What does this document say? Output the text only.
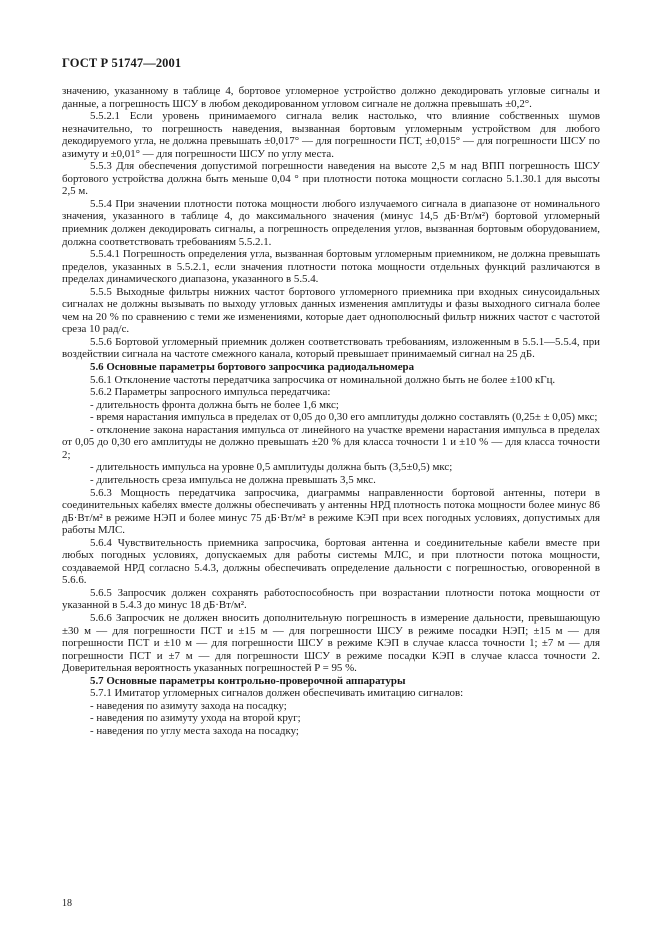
ГОСТ Р 51747—2001

значению, указанному в таблице 4, бортовое угломерное устройство должно декодировать угловые сигналы и данные, а погрешность ШСУ в любом декодированном угловом сигнале не должна превышать ±0,2°.

5.5.2.1 Если уровень принимаемого сигнала велик настолько, что влияние собственных шумов незначительно, то погрешность наведения, вызванная бортовым угломерным устройством для любого декодируемого угла, не должна превышать ±0,017° — для погрешности ПСТ, ±0,015° — для погрешности ШСУ по азимуту и ±0,01° — для погрешности ШСУ по углу места.

5.5.3 Для обеспечения допустимой погрешности наведения на высоте 2,5 м над ВПП погрешность ШСУ бортового устройства должна быть меньше 0,04 ° при плотности потока мощности согласно 5.1.30.1 для высоты 2,5 м.

5.5.4 При значении плотности потока мощности любого излучаемого сигнала в диапазоне от номинального значения, указанного в таблице 4, до максимального значения (минус 14,5 дБ·Вт/м²) бортовой угломерный приемник должен декодировать сигналы, а погрешность определения углов, вызванная бортовым оборудованием, должна соответствовать требованиям 5.5.2.1.

5.5.4.1 Погрешность определения угла, вызванная бортовым угломерным приемником, не должна превышать пределов, указанных в 5.5.2.1, если значения плотности потока мощности отдельных функций различаются в пределах динамического диапазона, указанного в 5.5.4.

5.5.5 Выходные фильтры нижних частот бортового угломерного приемника при входных синусоидальных сигналах не должны вызывать по выходу угловых данных изменения амплитуды и фазы выходного сигнала более чем на 20 % по сравнению с теми же изменениями, которые дает однополюсный фильтр нижних частот с частотой среза 10 рад/с.

5.5.6 Бортовой угломерный приемник должен соответствовать требованиям, изложенным в 5.5.1—5.5.4, при воздействии сигнала на частоте смежного канала, который превышает принимаемый сигнал на 25 дБ.

5.6 Основные параметры бортового запросчика радиодальномера

5.6.1 Отклонение частоты передатчика запросчика от номинальной должно быть не более ±100 кГц.

5.6.2 Параметры запросного импульса передатчика:

- длительность фронта должна быть не более 1,6 мкс;

- время нарастания импульса в пределах от 0,05 до 0,30 его амплитуды должно составлять (0,25± ± 0,05) мкс;

- отклонение закона нарастания импульса от линейного на участке времени нарастания импульса в пределах от 0,05 до 0,30 его амплитуды не должно превышать ±20 % для класса точности 1 и ±10 % — для класса точности 2;

- длительность импульса на уровне 0,5 амплитуды должна быть (3,5±0,5) мкс;

- длительность среза импульса не должна превышать 3,5 мкс.

5.6.3 Мощность передатчика запросчика, диаграммы направленности бортовой антенны, потери в соединительных кабелях вместе должны обеспечивать у антенны НРД плотность потока мощности более минус 86 дБ·Вт/м² в режиме НЭП и более минус 75 дБ·Вт/м² в режиме КЭП при всех погодных условиях, допустимых для работы МЛС.

5.6.4 Чувствительность приемника запросчика, бортовая антенна и соединительные кабели вместе при любых погодных условиях, допускаемых для работы системы МЛС, и при плотности потока мощности, создаваемой НРД согласно 5.4.3, должны обеспечивать определение дальности с погрешностью, оговоренной в 5.6.6.

5.6.5 Запросчик должен сохранять работоспособность при возрастании плотности потока мощности от указанной в 5.4.3 до минус 18 дБ·Вт/м².

5.6.6 Запросчик не должен вносить дополнительную погрешность в измерение дальности, превышающую ±30 м — для погрешности ПСТ и ±15 м — для погрешности ШСУ в режиме посадки НЭП; ±15 м — для погрешности ПСТ и ±10 м — для погрешности ШСУ в режиме КЭП в случае класса точности 1; ±7 м — для погрешности ПСТ и ±7 м — для погрешности ШСУ в режиме посадки КЭП в случае класса точности 2. Доверительная вероятность указанных погрешностей P = 95 %.

5.7 Основные параметры контрольно-проверочной аппаратуры

5.7.1 Имитатор угломерных сигналов должен обеспечивать имитацию сигналов:

- наведения по азимуту захода на посадку;

- наведения по азимуту ухода на второй круг;

- наведения по углу места захода на посадку;

18
